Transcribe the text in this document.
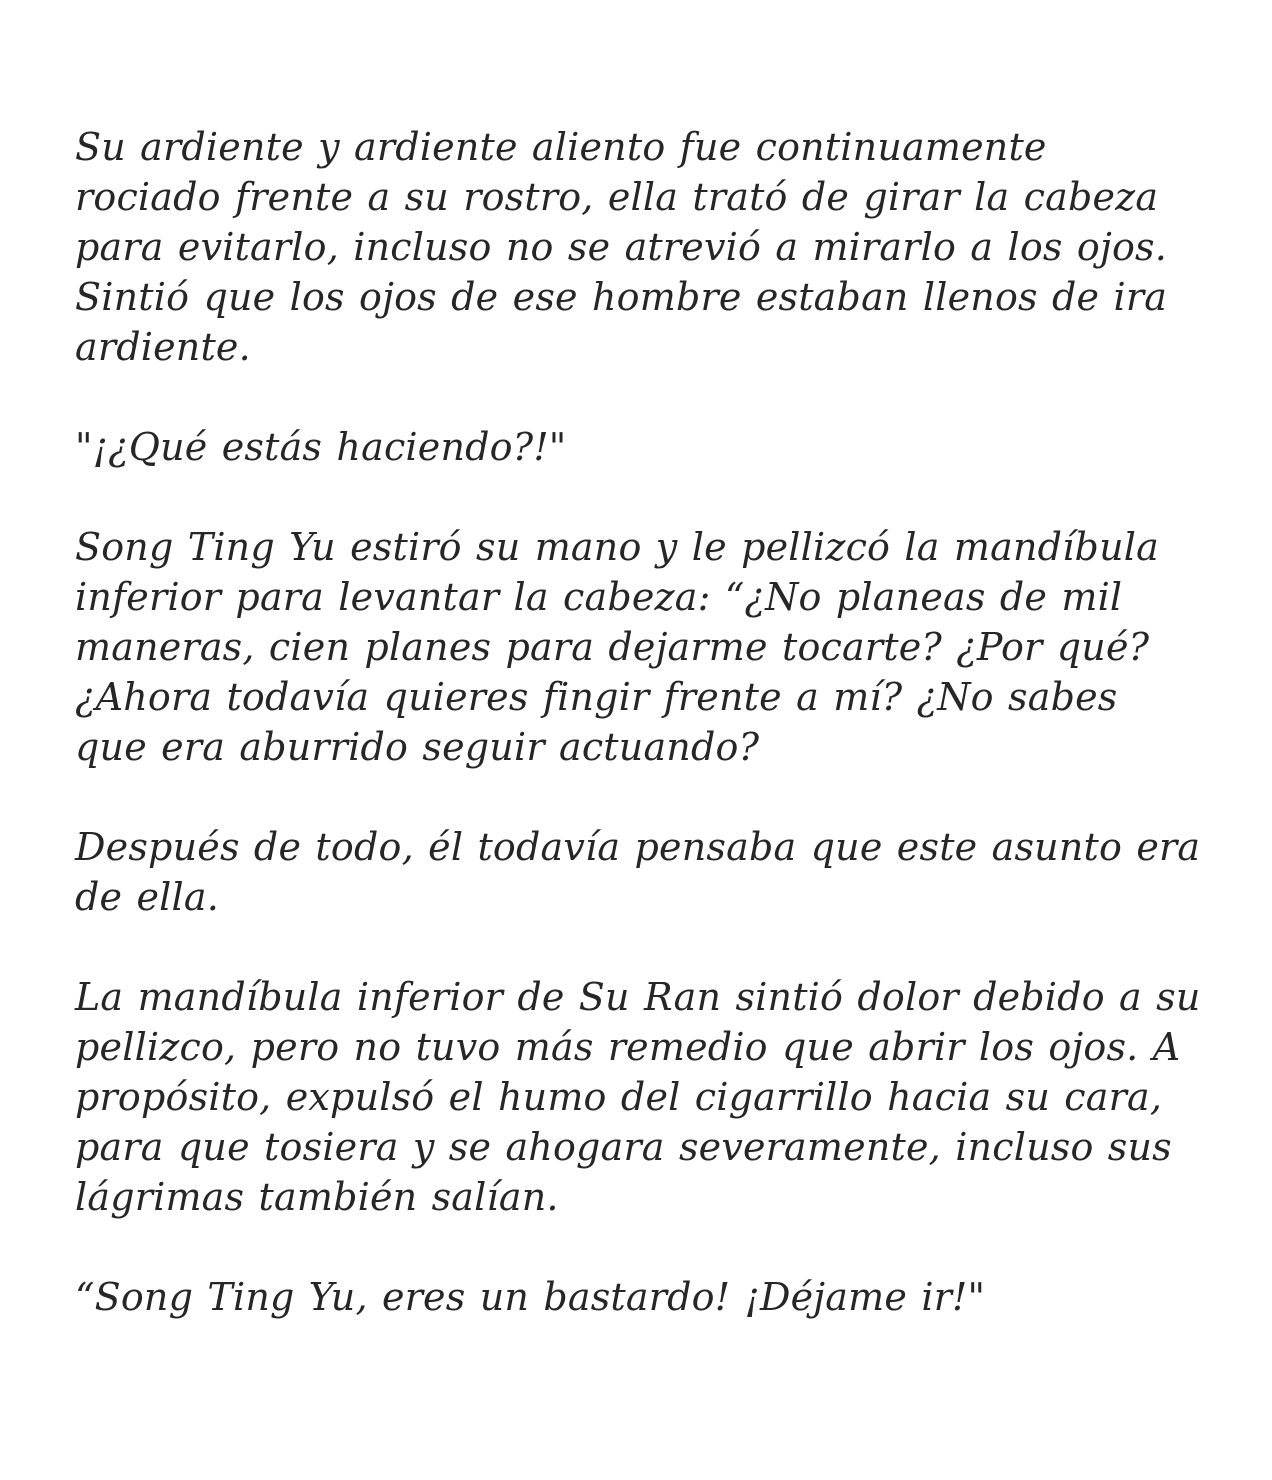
Su ardiente y ardiente aliento fue continuamente rociado frente a su rostro, ella trató de girar la cabeza para evitarlo, incluso no se atrevió a mirarlo a los ojos. Sintió que los ojos de ese hombre estaban llenos de ira ardiente.

"¡¿Qué estás haciendo?!"

Song Ting Yu estiró su mano y le pellizcó la mandíbula inferior para levantar la cabeza: “¿No planeas de mil maneras, cien planes para dejarme tocarte? ¿Por qué? ¿Ahora todavía quieres fingir frente a mí? ¿No sabes que era aburrido seguir actuando?

Después de todo, él todavía pensaba que este asunto era de ella.

La mandíbula inferior de Su Ran sintió dolor debido a su pellizco, pero no tuvo más remedio que abrir los ojos. A propósito, expulsó el humo del cigarrillo hacia su cara, para que tosiera y se ahogara severamente, incluso sus lágrimas también salían.

“Song Ting Yu, eres un bastardo! ¡Déjame ir!"
